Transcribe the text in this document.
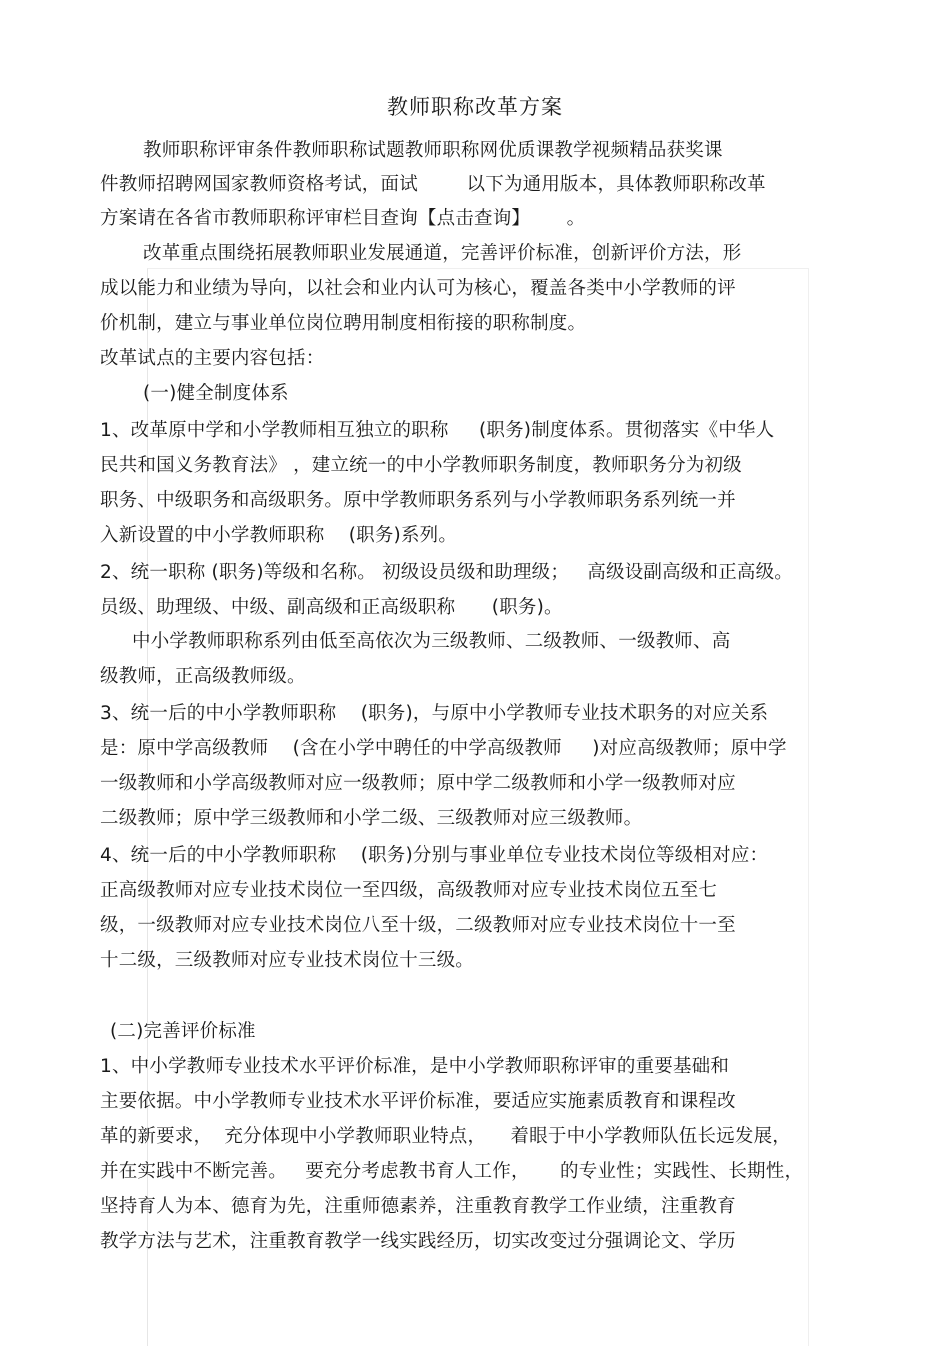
教师职称改革方案
教师职称评审条件教师职称试题教师职称网优质课教学视频精品获奖课
件教师招聘网国家教师资格考试，面试        以下为通用版本，具体教师职称改革
方案请在各省市教师职称评审栏目查询【点击查询】      。
改革重点围绕拓展教师职业发展通道，完善评价标准，创新评价方法，形
成以能力和业绩为导向，以社会和业内认可为核心，覆盖各类中小学教师的评
价机制，建立与事业单位岗位聘用制度相衔接的职称制度。
改革试点的主要内容包括：
(一)健全制度体系
1、改革原中学和小学教师相互独立的职称     (职务)制度体系。贯彻落实《中华人
民共和国义务教育法》 ，建立统一的中小学教师职务制度，教师职务分为初级
职务、中级职务和高级职务。原中学教师职务系列与小学教师职务系列统一并
入新设置的中小学教师职称    (职务)系列。
2、统一职称 (职务)等级和名称。 初级设员级和助理级；   高级设副高级和正高级。
员级、助理级、中级、副高级和正高级职称      (职务)。
中小学教师职称系列由低至高依次为三级教师、二级教师、一级教师、高
级教师，正高级教师级。
3、统一后的中小学教师职称    (职务)，与原中小学教师专业技术职务的对应关系
是：原中学高级教师    (含在小学中聘任的中学高级教师     )对应高级教师；原中学
一级教师和小学高级教师对应一级教师；原中学二级教师和小学一级教师对应
二级教师；原中学三级教师和小学二级、三级教师对应三级教师。
4、统一后的中小学教师职称    (职务)分别与事业单位专业技术岗位等级相对应：
正高级教师对应专业技术岗位一至四级，高级教师对应专业技术岗位五至七
级，一级教师对应专业技术岗位八至十级，二级教师对应专业技术岗位十一至
十二级，三级教师对应专业技术岗位十三级。
(二)完善评价标准
1、中小学教师专业技术水平评价标准，是中小学教师职称评审的重要基础和
主要依据。中小学教师专业技术水平评价标准，要适应实施素质教育和课程改
革的新要求，  充分体现中小学教师职业特点，    着眼于中小学教师队伍长远发展，
并在实践中不断完善。   要充分考虑教书育人工作，     的专业性；实践性、长期性，
坚持育人为本、德育为先，注重师德素养，注重教育教学工作业绩，注重教育
教学方法与艺术，注重教育教学一线实践经历，切实改变过分强调论文、学历
